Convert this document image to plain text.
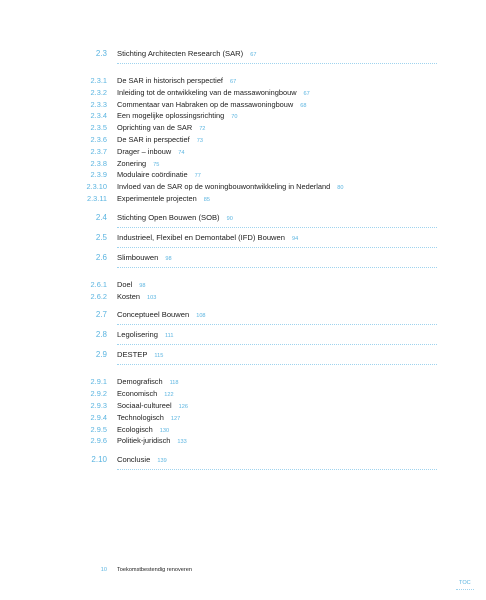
2.3 Stichting Architecten Research (SAR) 67
2.3.1 De SAR in historisch perspectief 67
2.3.2 Inleiding tot de ontwikkeling van de massawoningbouw 67
2.3.3 Commentaar van Habraken op de massawoningbouw 68
2.3.4 Een mogelijke oplossingsrichting 70
2.3.5 Oprichting van de SAR 72
2.3.6 De SAR in perspectief 73
2.3.7 Drager – inbouw 74
2.3.8 Zonering 75
2.3.9 Modulaire coördinatie 77
2.3.10 Invloed van de SAR op de woningbouwontwikkeling in Nederland 80
2.3.11 Experimentele projecten 85
2.4 Stichting Open Bouwen (SOB) 90
2.5 Industrieel, Flexibel en Demontabel (IFD) Bouwen 94
2.6 Slimbouwen 98
2.6.1 Doel 98
2.6.2 Kosten 103
2.7 Conceptueel Bouwen 108
2.8 Legolisering 111
2.9 DESTEP 115
2.9.1 Demografisch 118
2.9.2 Economisch 122
2.9.3 Sociaal-cultureel 126
2.9.4 Technologisch 127
2.9.5 Ecologisch 130
2.9.6 Politiek-juridisch 133
2.10 Conclusie 139
10 Toekomstbestendig renoveren
TOC
